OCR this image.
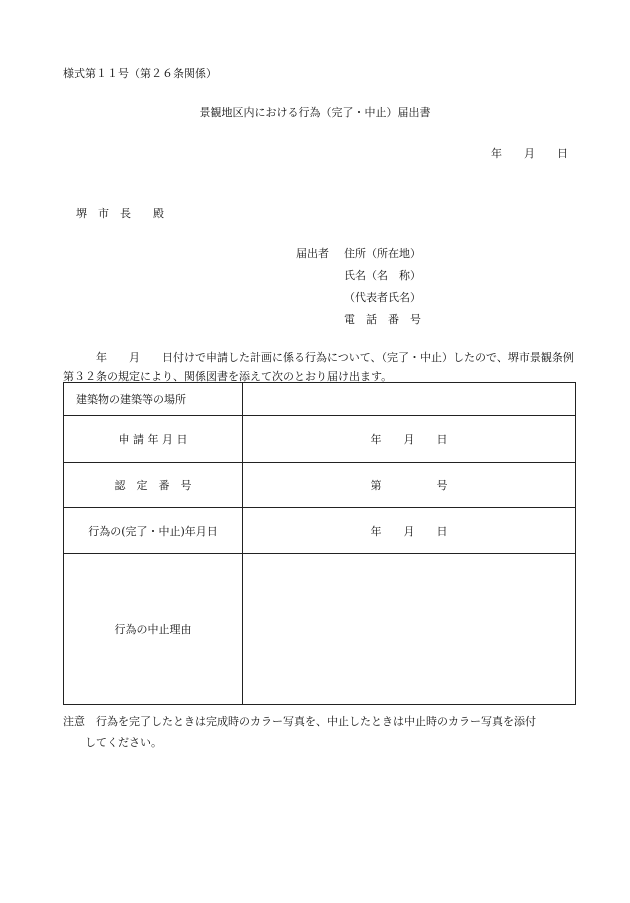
様式第１１号（第２６条関係）
景観地区内における行為（完了・中止）届出書
年 月 日
堺　市　長　　殿
届出者 住所（所在地）
氏名（名　称）
（代表者氏名）
電　話　番　号
　　　年　　月　　日付けで申請した計画に係る行為について、（完了・中止）したので、堺市景観条例第３２条の規定により、関係図書を添えて次のとおり届け出ます。
建築物の建築等の場所	
申 請 年 月 日	年　　月　　日
認　定　番　号	第　　　　　号
行為の(完了・中止)年月日	年　　月　　日
行為の中止理由	
注意　行為を完了したときは完成時のカラー写真を、中止したときは中止時のカラー写真を添付
してください。
